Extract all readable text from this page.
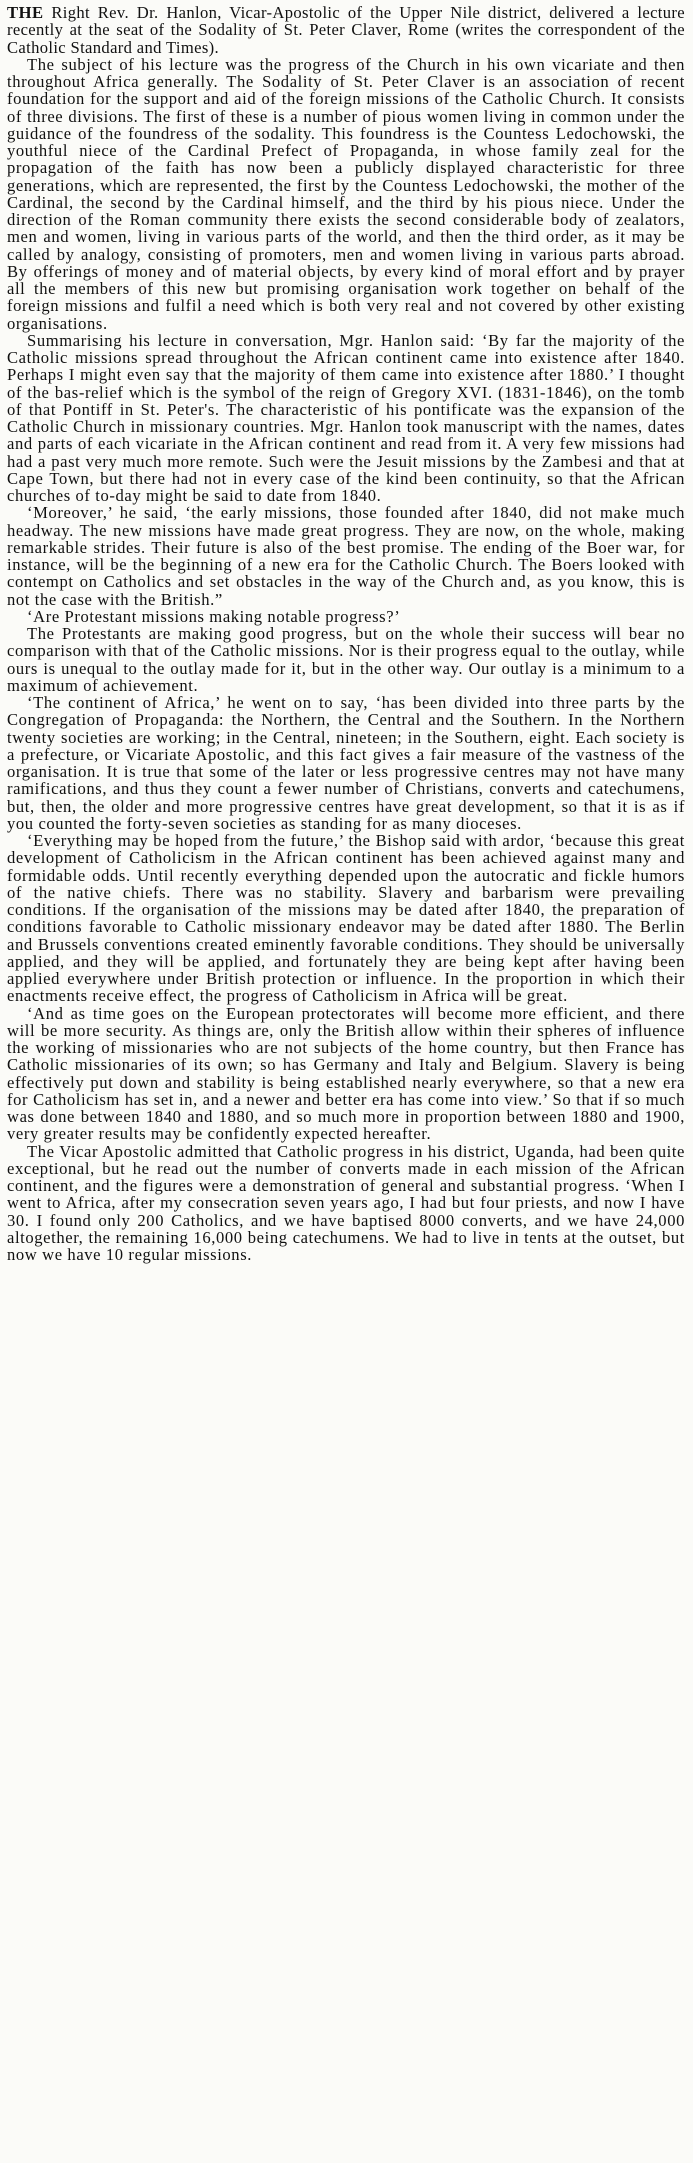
THE Right Rev. Dr. Hanlon, Vicar-Apostolic of the Upper Nile district, delivered a lecture recently at the seat of the Sodality of St. Peter Claver, Rome (writes the correspondent of the Catholic Standard and Times).

The subject of his lecture was the progress of the Church in his own vicariate and then throughout Africa generally. The Sodality of St. Peter Claver is an association of recent foundation for the support and aid of the foreign missions of the Catholic Church. It consists of three divisions. The first of these is a number of pious women living in common under the guidance of the foundress of the sodality. This foundress is the Countess Ledochowski, the youthful niece of the Cardinal Prefect of Propaganda, in whose family zeal for the propagation of the faith has now been a publicly displayed characteristic for three generations, which are represented, the first by the Countess Ledochowski, the mother of the Cardinal, the second by the Cardinal himself, and the third by his pious niece. Under the direction of the Roman community there exists the second considerable body of zealators, men and women, living in various parts of the world, and then the third order, as it may be called by analogy, consisting of promoters, men and women living in various parts abroad. By offerings of money and of material objects, by every kind of moral effort and by prayer all the members of this new but promising organisation work together on behalf of the foreign missions and fulfil a need which is both very real and not covered by other existing organisations.

Summarising his lecture in conversation, Mgr. Hanlon said: ‘By far the majority of the Catholic missions spread throughout the African continent came into existence after 1840. Perhaps I might even say that the majority of them came into existence after 1880.’ I thought of the bas-relief which is the symbol of the reign of Gregory XVI. (1831-1846), on the tomb of that Pontiff in St. Peter's. The characteristic of his pontificate was the expansion of the Catholic Church in missionary countries. Mgr. Hanlon took manuscript with the names, dates and parts of each vicariate in the African continent and read from it. A very few missions had had a past very much more remote. Such were the Jesuit missions by the Zambesi and that at Cape Town, but there had not in every case of the kind been continuity, so that the African churches of to-day might be said to date from 1840.

‘Moreover,’ he said, ‘the early missions, those founded after 1840, did not make much headway. The new missions have made great progress. They are now, on the whole, making remarkable strides. Their future is also of the best promise. The ending of the Boer war, for instance, will be the beginning of a new era for the Catholic Church. The Boers looked with contempt on Catholics and set obstacles in the way of the Church and, as you know, this is not the case with the British.”

‘Are Protestant missions making notable progress?’

The Protestants are making good progress, but on the whole their success will bear no comparison with that of the Catholic missions. Nor is their progress equal to the outlay, while ours is unequal to the outlay made for it, but in the other way. Our outlay is a minimum to a maximum of achievement.

‘The continent of Africa,’ he went on to say, ‘has been divided into three parts by the Congregation of Propaganda: the Northern, the Central and the Southern. In the Northern twenty societies are working; in the Central, nineteen; in the Southern, eight. Each society is a prefecture, or Vicariate Apostolic, and this fact gives a fair measure of the vastness of the organisation. It is true that some of the later or less progressive centres may not have many ramifications, and thus they count a fewer number of Christians, converts and catechumens, but, then, the older and more progressive centres have great development, so that it is as if you counted the forty-seven societies as standing for as many dioceses.

‘Everything may be hoped from the future,’ the Bishop said with ardor, ‘because this great development of Catholicism in the African continent has been achieved against many and formidable odds. Until recently everything depended upon the autocratic and fickle humors of the native chiefs. There was no stability. Slavery and barbarism were prevailing conditions. If the organisation of the missions may be dated after 1840, the preparation of conditions favorable to Catholic missionary endeavor may be dated after 1880. The Berlin and Brussels conventions created eminently favorable conditions. They should be universally applied, and they will be applied, and fortunately they are being kept after having been applied everywhere under British protection or influence. In the proportion in which their enactments receive effect, the progress of Catholicism in Africa will be great.

‘And as time goes on the European protectorates will become more efficient, and there will be more security. As things are, only the British allow within their spheres of influence the working of missionaries who are not subjects of the home country, but then France has Catholic missionaries of its own; so has Germany and Italy and Belgium. Slavery is being effectively put down and stability is being established nearly everywhere, so that a new era for Catholicism has set in, and a newer and better era has come into view.’ So that if so much was done between 1840 and 1880, and so much more in proportion between 1880 and 1900, very greater results may be confidently expected hereafter.

The Vicar Apostolic admitted that Catholic progress in his district, Uganda, had been quite exceptional, but he read out the number of converts made in each mission of the African continent, and the figures were a demonstration of general and substantial progress. ‘When I went to Africa, after my consecration seven years ago, I had but four priests, and now I have 30. I found only 200 Catholics, and we have baptised 8000 converts, and we have 24,000 altogether, the remaining 16,000 being catechumens. We had to live in tents at the outset, but now we have 10 regular missions.
